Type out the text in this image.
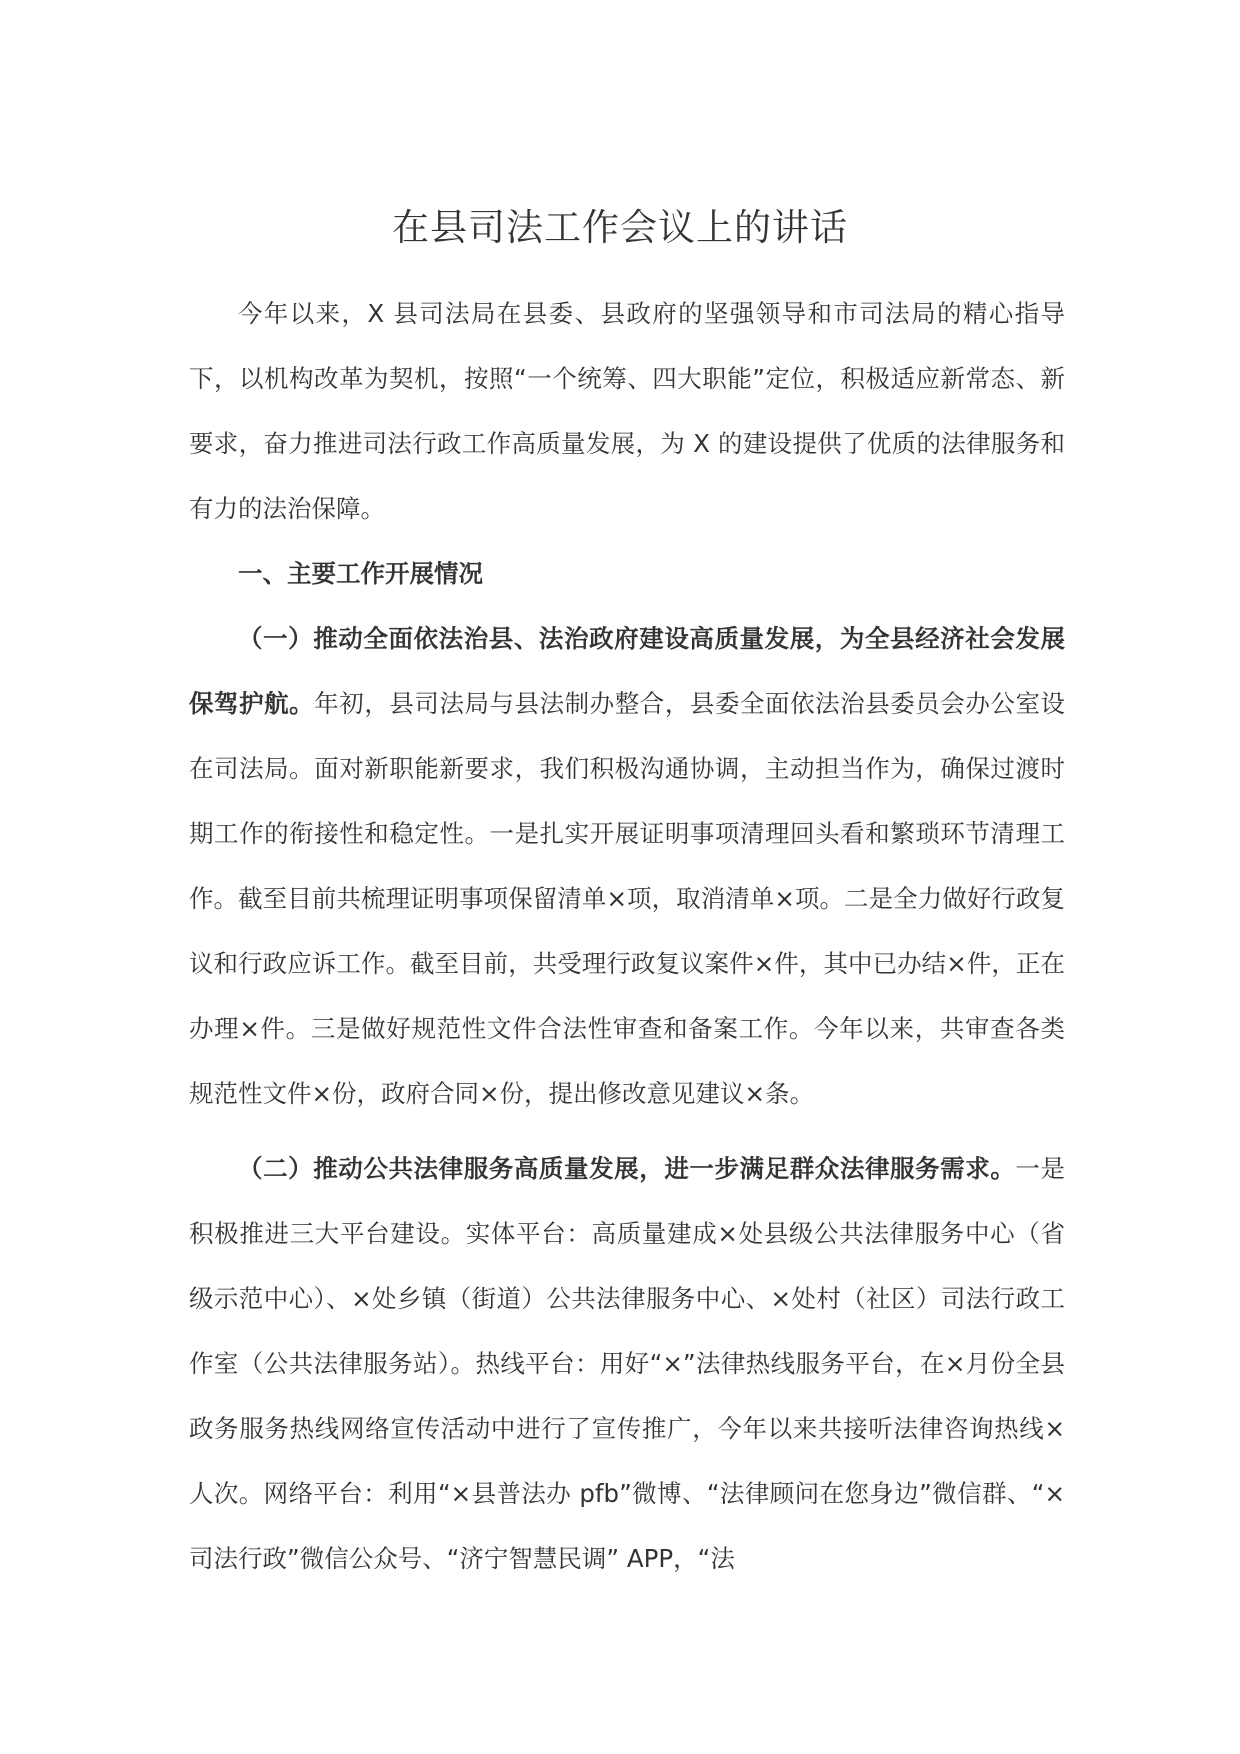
在县司法工作会议上的讲话

今年以来，X 县司法局在县委、县政府的坚强领导和市司法局的精心指导下，以机构改革为契机，按照“一个统筹、四大职能”定位，积极适应新常态、新要求，奋力推进司法行政工作高质量发展，为 X 的建设提供了优质的法律服务和有力的法治保障。

一、主要工作开展情况

（一）推动全面依法治县、法治政府建设高质量发展，为全县经济社会发展保驾护航。年初，县司法局与县法制办整合，县委全面依法治县委员会办公室设在司法局。面对新职能新要求，我们积极沟通协调，主动担当作为，确保过渡时期工作的衔接性和稳定性。一是扎实开展证明事项清理回头看和繁琐环节清理工作。截至目前共梳理证明事项保留清单×项，取消清单×项。二是全力做好行政复议和行政应诉工作。截至目前，共受理行政复议案件×件，其中已办结×件，正在办理×件。三是做好规范性文件合法性审查和备案工作。今年以来，共审查各类规范性文件×份，政府合同×份，提出修改意见建议×条。

（二）推动公共法律服务高质量发展，进一步满足群众法律服务需求。一是积极推进三大平台建设。实体平台：高质量建成×处县级公共法律服务中心（省级示范中心）、×处乡镇（街道）公共法律服务中心、×处村（社区）司法行政工作室（公共法律服务站）。热线平台：用好“×”法律热线服务平台，在×月份全县政务服务热线网络宣传活动中进行了宣传推广，今年以来共接听法律咨询热线×人次。网络平台：利用“×县普法办 pfb”微博、“法律顾问在您身边”微信群、“×司法行政”微信公众号、“济宁智慧民调” APP，“法
